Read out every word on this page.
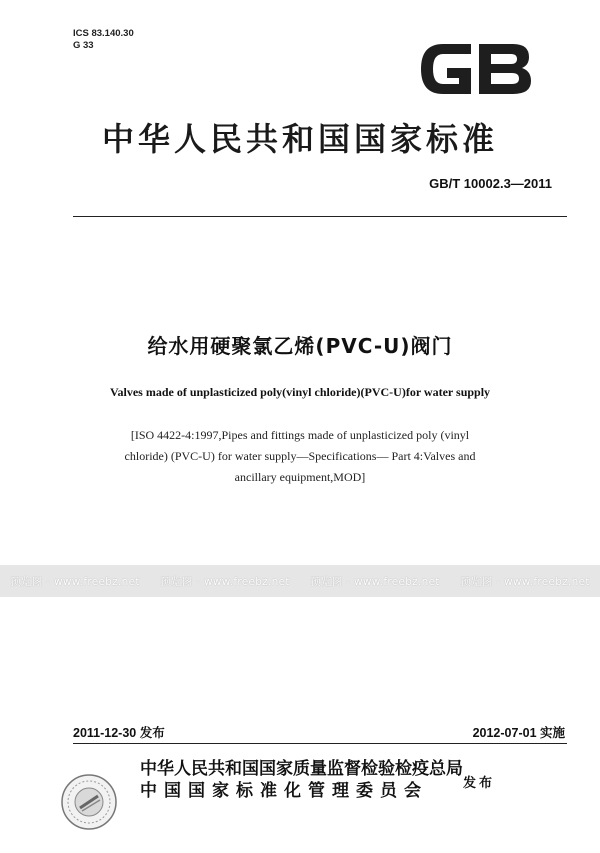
ICS 83.140.30
G 33
中华人民共和国国家标准
GB/T 10002.3—2011
给水用硬聚氯乙烯(PVC-U)阀门
Valves made of unplasticized poly(vinyl chloride)(PVC-U)for water supply
[ISO 4422-4:1997,Pipes and fittings made of unplasticized poly (vinyl chloride) (PVC-U) for water supply—Specifications— Part 4:Valves and ancillary equipment,MOD]
预览图 - www.freebz.net 预览图 - www.freebz.net 预览图 - www.freebz.net 预览图 - www.freebz.net
2011-12-30 发布	2012-07-01 实施
中华人民共和国国家质量监督检验检疫总局
中国国家标准化管理委员会	发布
